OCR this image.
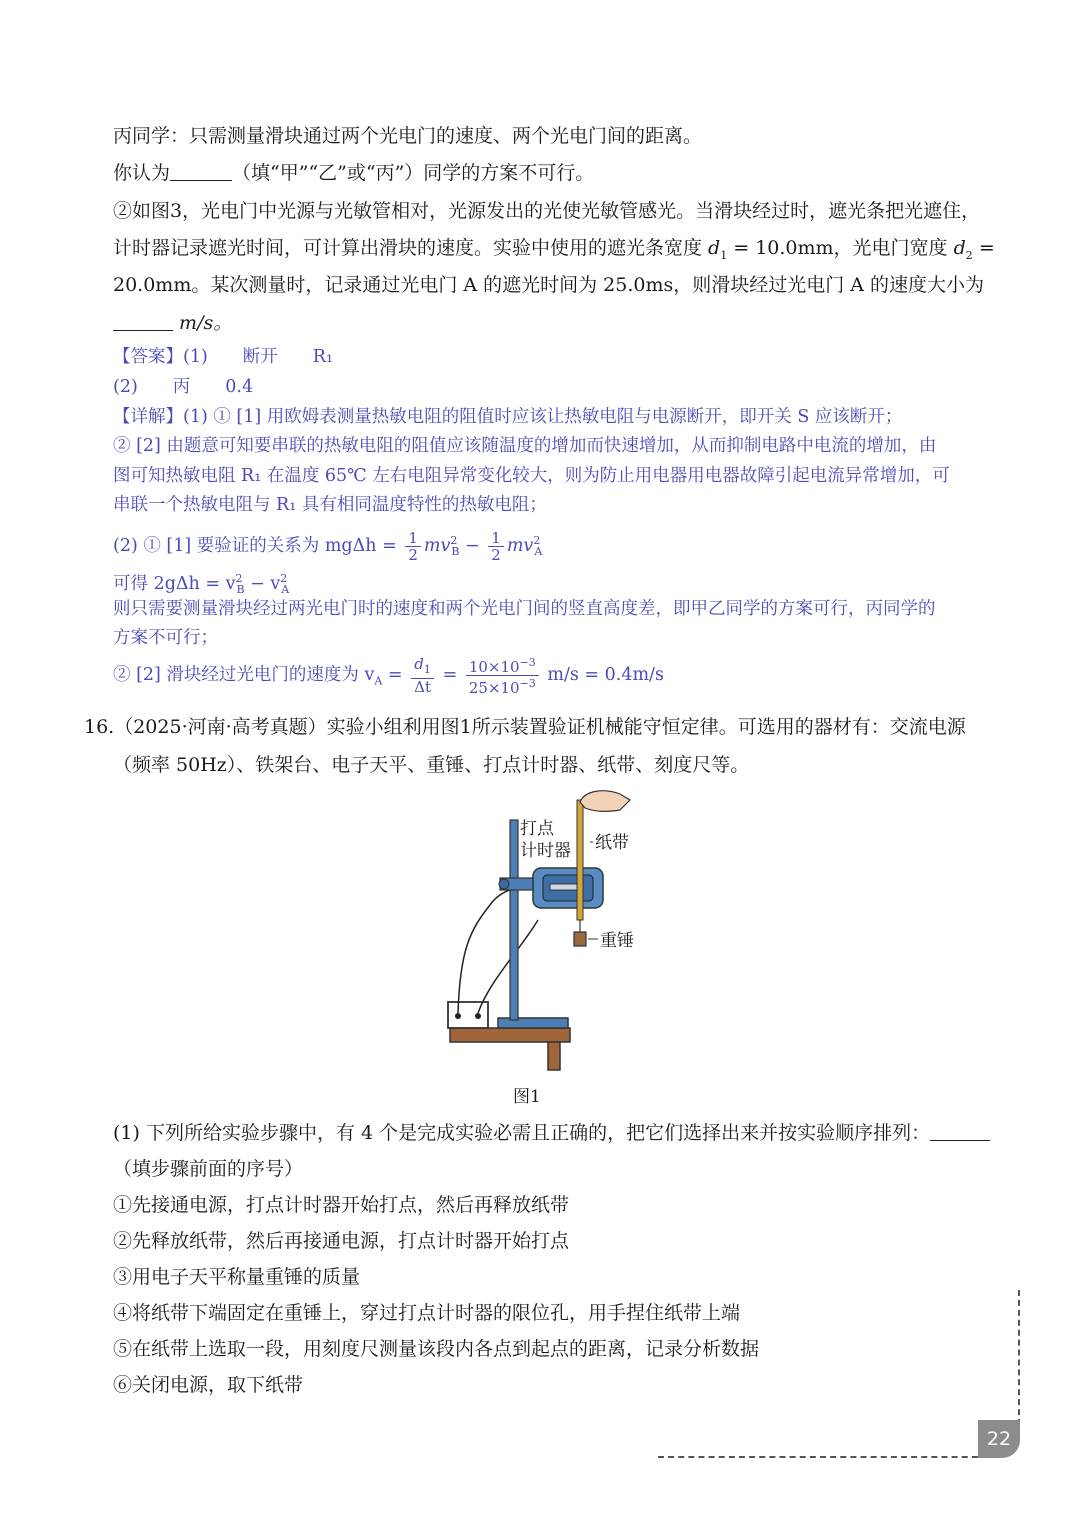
丙同学：只需测量滑块通过两个光电门的速度、两个光电门间的距离。
你认为	（填“甲”“乙”或“丙”）同学的方案不可行。
②如图3，光电门中光源与光敏管相对，光源发出的光使光敏管感光。当滑块经过时，遮光条把光遮住，
计时器记录遮光时间，可计算出滑块的速度。实验中使用的遮光条宽度 $d_1 = 10.0mm$，光电门宽度 $d_2$ =
20.0mm。某次测量时，记录通过光电门 A 的遮光时间为 25.0ms，则滑块经过光电门 A 的速度大小为
m/s。
【答案】(1)　　断开　　R₁
(2)　　丙　　0.4
【详解】(1) ① [1] 用欧姆表测量热敏电阻的阻值时应该让热敏电阻与电源断开，即开关 S 应该断开；
② [2] 由题意可知要串联的热敏电阻的阻值应该随温度的增加而快速增加，从而抑制电路中电流的增加，由
图可知热敏电阻 R₁ 在温度 65℃ 左右电阻异常变化较大，则为防止用电器用电器故障引起电流异常增加，可
串联一个热敏电阻与 R₁ 具有相同温度特性的热敏电阻；
(2) ① [1] 要验证的关系为 $mg\Delta h = \frac{1}{2} mv^2_B - \frac{1}{2} mv^2_A$
可得 $2g\Delta h = v^2_B - v^2_A$
则只需要测量滑块经过两光电门时的速度和两个光电门间的竖直高度差，即甲乙同学的方案可行，丙同学的
方案不可行；
② [2] 滑块经过光电门的速度为 $v_A = \frac{d_1}{\Delta t} = \frac{10\times 10^{-3}}{25\times 10^{-3}} m/s = 0.4m/s$
16.（2025·河南·高考真题）实验小组利用图1所示装置验证机械能守恒定律。可选用的器材有：交流电源
（频率 50Hz）、铁架台、电子天平、重锤、打点计时器、纸带、刻度尺等。
打点
计时器 纸带
重锤
图1
(1) 下列所给实验步骤中，有 4 个是完成实验必需且正确的，把它们选择出来并按实验顺序排列：
（填步骤前面的序号）
①先接通电源，打点计时器开始打点，然后再释放纸带
②先释放纸带，然后再接通电源，打点计时器开始打点
③用电子天平称量重锤的质量
④将纸带下端固定在重锤上，穿过打点计时器的限位孔，用手捏住纸带上端
⑤在纸带上选取一段，用刻度尺测量该段内各点到起点的距离，记录分析数据
⑥关闭电源，取下纸带
22
